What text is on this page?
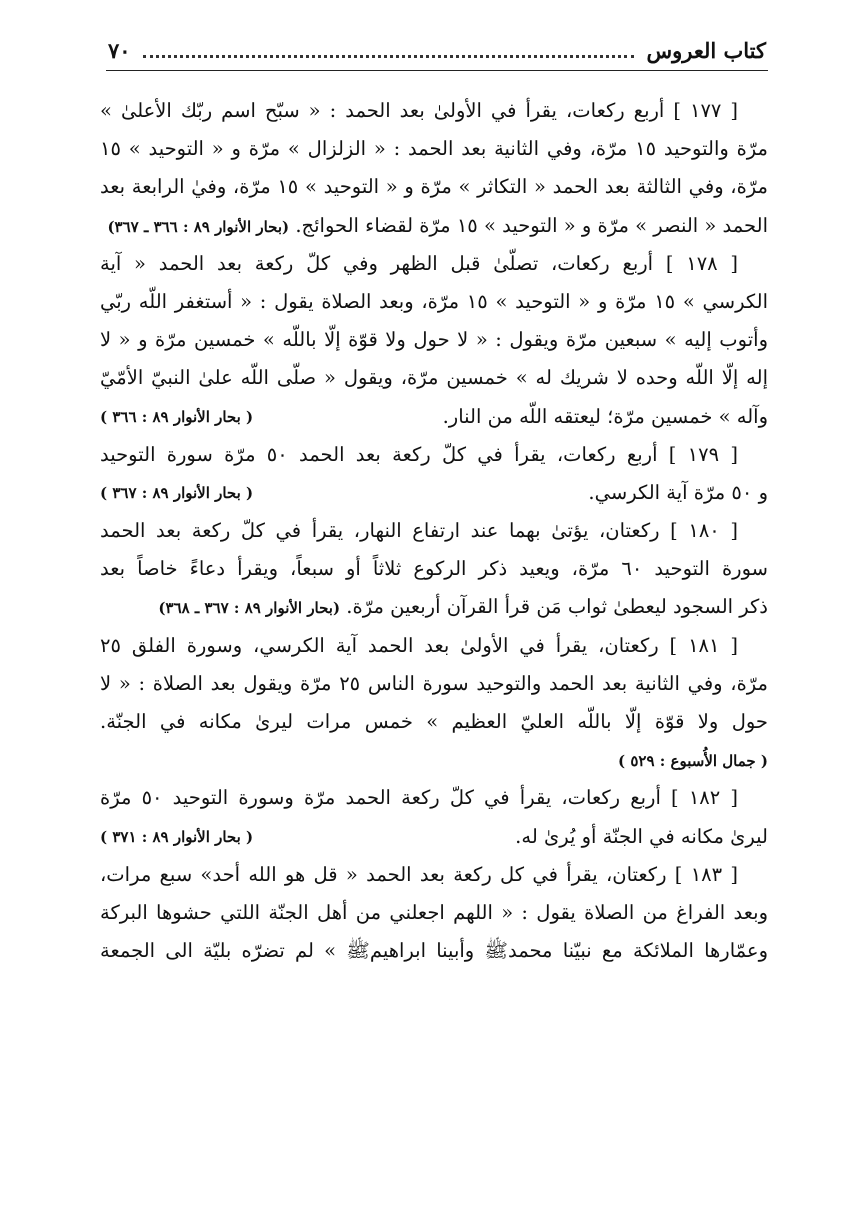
كتاب العروس
٧٠
[ ١٧٧ ] أربع ركعات، يقرأ في الأولىٰ بعد الحمد : « سبّح اسم ربّك الأعلىٰ »
مرّة والتوحيد ١٥ مرّة، وفي الثانية بعد الحمد : « الزلزال » مرّة و « التوحيد » ١٥
مرّة، وفي الثالثة بعد الحمد « التكاثر » مرّة و « التوحيد » ١٥ مرّة، وفيٰ الرابعة بعد
الحمد « النصر » مرّة و « التوحيد » ١٥ مرّة لقضاء الحوائج. (بحار الأنوار ٨٩ : ٣٦٦ ـ ٣٦٧)
[ ١٧٨ ] أربع ركعات، تصلّىٰ قبل الظهر وفي كلّ ركعة بعد الحمد « آية
الكرسي » ١٥ مرّة و « التوحيد » ١٥ مرّة، وبعد الصلاة يقول : « أستغفر اللّه ربّي
وأتوب إليه » سبعين مرّة ويقول : « لا حول ولا قوّة إلّا باللّه » خمسين مرّة و « لا
إله إلّا اللّه وحده لا شريك له » خمسين مرّة، ويقول « صلّى اللّه علىٰ النبيّ الأمّيّ
وآله » خمسين مرّة؛ ليعتقه اللّه من النار.
( بحار الأنوار ٨٩ : ٣٦٦ )
[ ١٧٩ ] أربع ركعات، يقرأ في كلّ ركعة بعد الحمد ٥٠ مرّة سورة التوحيد
و ٥٠ مرّة آية الكرسي.
( بحار الأنوار ٨٩ : ٣٦٧ )
[ ١٨٠ ] ركعتان، يؤتىٰ بهما عند ارتفاع النهار، يقرأ في كلّ ركعة بعد الحمد
سورة التوحيد ٦٠ مرّة، ويعيد ذكر الركوع ثلاثاً أو سبعاً، ويقرأ دعاءً خاصاً بعد
ذكر السجود ليعطىٰ ثواب مَن قرأ القرآن أربعين مرّة. (بحار الأنوار ٨٩ : ٣٦٧ ـ ٣٦٨)
[ ١٨١ ] ركعتان، يقرأ في الأولىٰ بعد الحمد آية الكرسي، وسورة الفلق ٢٥
مرّة، وفي الثانية بعد الحمد والتوحيد سورة الناس ٢٥ مرّة ويقول بعد الصلاة : « لا
حول ولا قوّة إلّا باللّه العليّ العظيم » خمس مرات ليرىٰ مكانه في الجنّة.
( جمال الأُسبوع : ٥٢٩ )
[ ١٨٢ ] أربع ركعات، يقرأ في كلّ ركعة الحمد مرّة وسورة التوحيد ٥٠ مرّة
ليرىٰ مكانه في الجنّة أو يُرىٰ له.
( بحار الأنوار ٨٩ : ٣٧١ )
[ ١٨٣ ] ركعتان، يقرأ في كل ركعة بعد الحمد « قل هو الله أحد» سبع مرات،
وبعد الفراغ من الصلاة يقول : « اللهم اجعلني من أهل الجنّة اللتي حشوها البركة
وعمّارها الملائكة مع نبيّنا محمدﷺ وأبينا ابراهيمﷺ » لم تضرّه بليّة الى الجمعة
